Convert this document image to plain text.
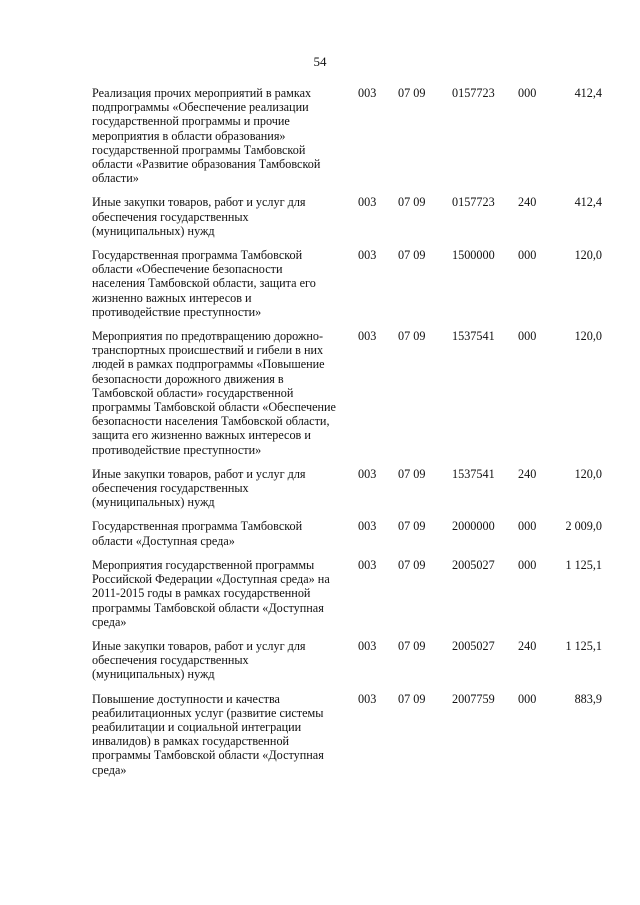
54
Реализация прочих мероприятий в рамках подпрограммы «Обеспечение реализации государственной программы и прочие мероприятия в области образования» государственной программы Тамбовской области «Развитие образования Тамбовской области»
003	07 09	0157723	000	412,4
Иные закупки товаров, работ и услуг для обеспечения государственных (муниципальных) нужд
003	07 09	0157723	240	412,4
Государственная программа Тамбовской области «Обеспечение безопасности населения Тамбовской области, защита его жизненно важных интересов и противодействие преступности»
003	07 09	1500000	000	120,0
Мероприятия по предотвращению дорожно-транспортных происшествий и гибели в них людей в рамках подпрограммы «Повышение безопасности дорожного движения в Тамбовской области» государственной программы Тамбовской области «Обеспечение безопасности населения Тамбовской области, защита его жизненно важных интересов и противодействие преступности»
003	07 09	1537541	000	120,0
Иные закупки товаров, работ и услуг для обеспечения государственных (муниципальных) нужд
003	07 09	1537541	240	120,0
Государственная программа Тамбовской области «Доступная среда»
003	07 09	2000000	000	2 009,0
Мероприятия государственной программы Российской Федерации «Доступная среда» на 2011-2015 годы в рамках государственной программы Тамбовской области «Доступная среда»
003	07 09	2005027	000	1 125,1
Иные закупки товаров, работ и услуг для обеспечения государственных (муниципальных) нужд
003	07 09	2005027	240	1 125,1
Повышение доступности и качества реабилитационных услуг (развитие системы реабилитации и социальной интеграции инвалидов) в рамках государственной программы Тамбовской области «Доступная среда»
003	07 09	2007759	000	883,9
